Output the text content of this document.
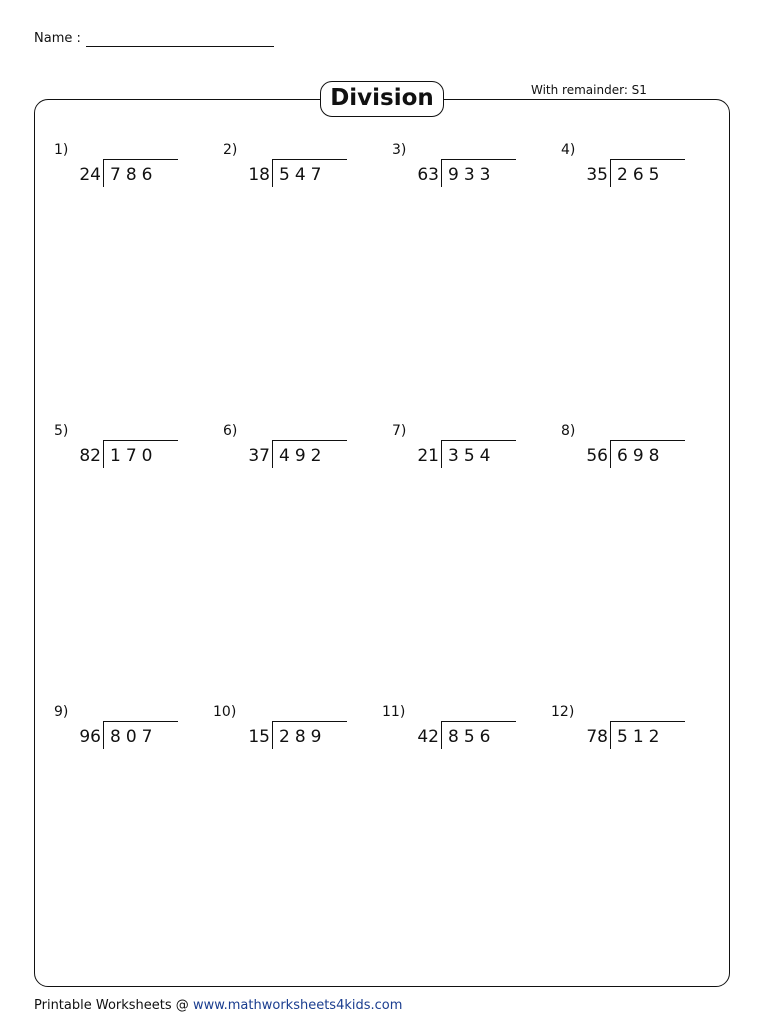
Name :
Division	With remainder: S1
1)
24 786
2)
18 547
3)
63 933
4)
35 265
5)
82 170
6)
37 492
7)
21 354
8)
56 698
9)
96 807
10)
15 289
11)
42 856
12)
78 512
Printable Worksheets @ www.mathworksheets4kids.com
